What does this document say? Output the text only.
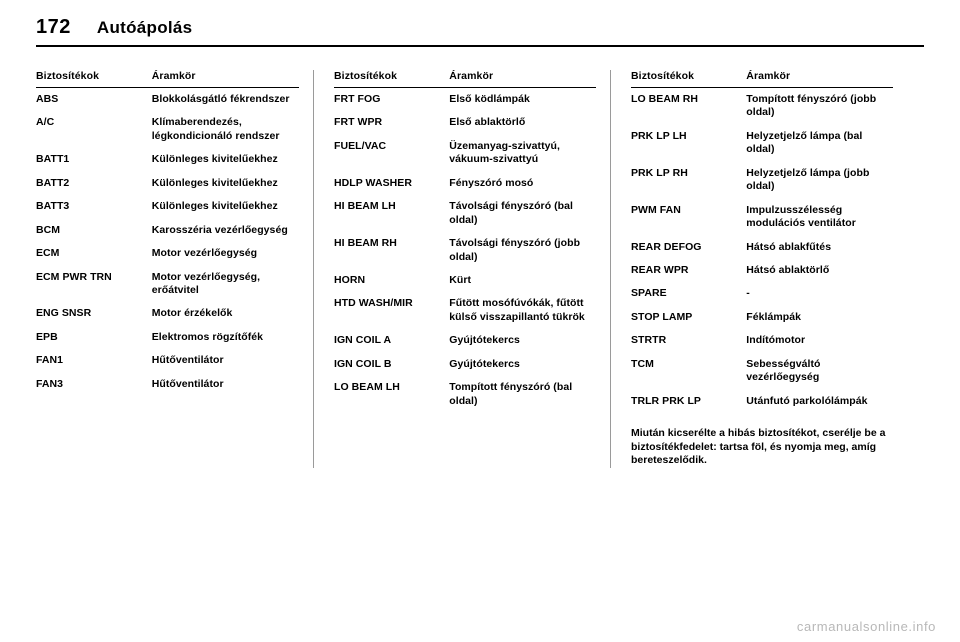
172 Autóápolás
Biztosítékok	Áramkör
ABS	Blokkolásgátló fékrendszer
A/C	Klímaberendezés, légkondicionáló rendszer
BATT1	Különleges kivitelűekhez
BATT2	Különleges kivitelűekhez
BATT3	Különleges kivitelűekhez
BCM	Karosszéria vezérlőegység
ECM	Motor vezérlőegység
ECM PWR TRN	Motor vezérlőegység, erőátvitel
ENG SNSR	Motor érzékelők
EPB	Elektromos rögzítőfék
FAN1	Hűtőventilátor
FAN3	Hűtőventilátor
Biztosítékok	Áramkör
FRT FOG	Első ködlámpák
FRT WPR	Első ablaktörlő
FUEL/VAC	Üzemanyag-szivattyú, vákuum-szivattyú
HDLP WASHER	Fényszóró mosó
HI BEAM LH	Távolsági fényszóró (bal oldal)
HI BEAM RH	Távolsági fényszóró (jobb oldal)
HORN	Kürt
HTD WASH/MIR	Fűtött mosófúvókák, fűtött külső visszapillantó tükrök
IGN COIL A	Gyújtótekercs
IGN COIL B	Gyújtótekercs
LO BEAM LH	Tompított fényszóró (bal oldal)
Biztosítékok	Áramkör
LO BEAM RH	Tompított fényszóró (jobb oldal)
PRK LP LH	Helyzetjelző lámpa (bal oldal)
PRK LP RH	Helyzetjelző lámpa (jobb oldal)
PWM FAN	Impulzusszélesség modulációs ventilátor
REAR DEFOG	Hátsó ablakfűtés
REAR WPR	Hátsó ablaktörlő
SPARE	-
STOP LAMP	Féklámpák
STRTR	Indítómotor
TCM	Sebességváltó vezérlőegység
TRLR PRK LP	Utánfutó parkolólámpák
Miután kicserélte a hibás biztosítékot, cserélje be a biztosítékfedelet: tartsa föl, és nyomja meg, amíg bereteszelődik.
carmanualsonline.info
